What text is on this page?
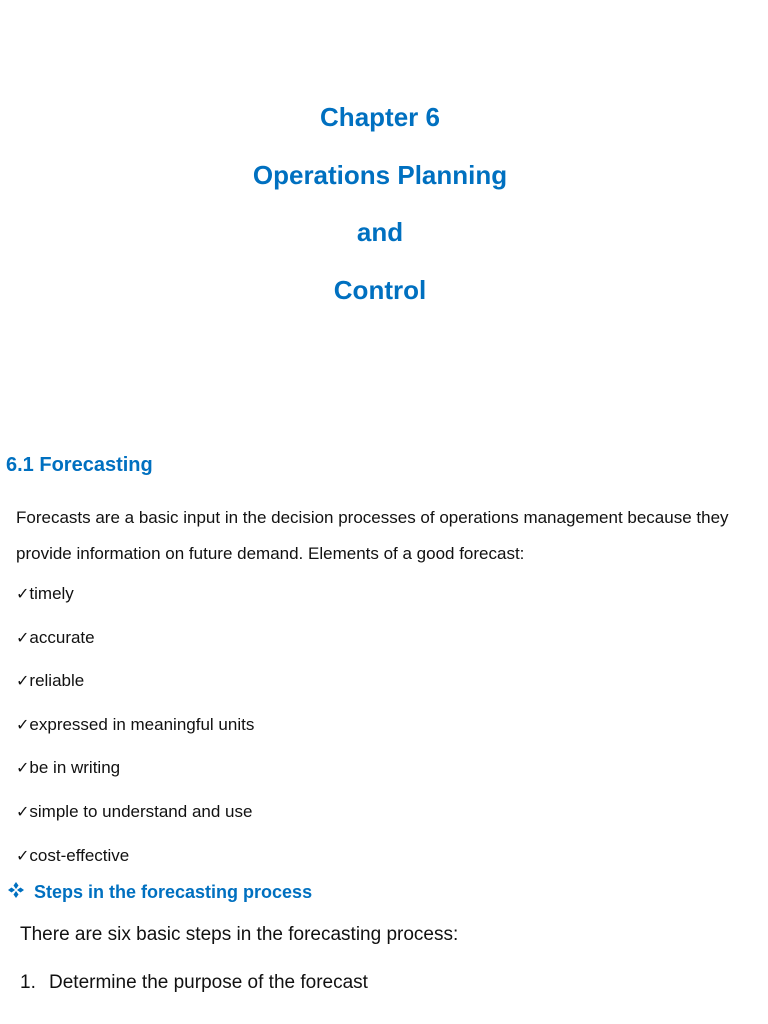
Chapter 6
Operations Planning
and
Control
6.1 Forecasting

Forecasts are a basic input in the decision processes of operations management because they provide information on future demand. Elements of a good forecast:

✓timely
✓accurate
✓reliable
✓expressed in meaningful units
✓be in writing
✓simple to understand and use
✓cost-effective
Steps in the forecasting process

There are six basic steps in the forecasting process:

1. Determine the purpose of the forecast
